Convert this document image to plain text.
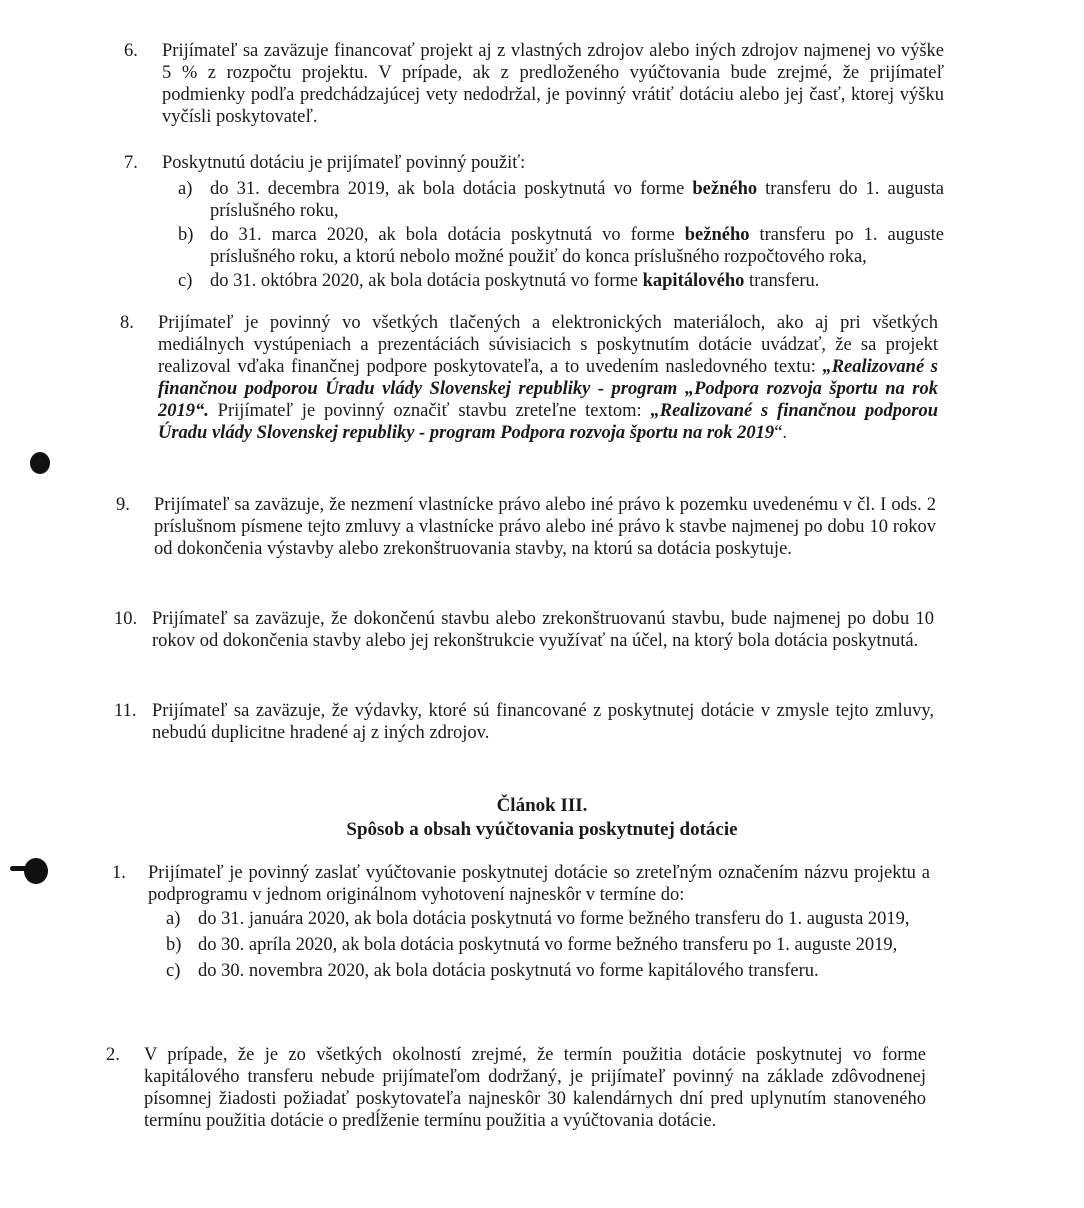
6. Prijímateľ sa zaväzuje financovať projekt aj z vlastných zdrojov alebo iných zdrojov najmenej vo výške 5 % z rozpočtu projektu. V prípade, ak z predloženého vyúčtovania bude zrejmé, že prijímateľ podmienky podľa predchádzajúcej vety nedodržal, je povinný vrátiť dotáciu alebo jej časť, ktorej výšku vyčísli poskytovateľ.
7. Poskytnutú dotáciu je prijímateľ povinný použiť:
a) do 31. decembra 2019, ak bola dotácia poskytnutá vo forme bežného transferu do 1. augusta príslušného roku,
b) do 31. marca 2020, ak bola dotácia poskytnutá vo forme bežného transferu po 1. auguste príslušného roku, a ktorú nebolo možné použiť do konca príslušného rozpočtového roka,
c) do 31. októbra 2020, ak bola dotácia poskytnutá vo forme kapitálového transferu.
8. Prijímateľ je povinný vo všetkých tlačených a elektronických materiáloch, ako aj pri všetkých mediálnych vystúpeniach a prezentáciách súvisiacich s poskytnutím dotácie uvádzať, že sa projekt realizoval vďaka finančnej podpore poskytovateľa, a to uvedením nasledovného textu: „Realizované s finančnou podporou Úradu vlády Slovenskej republiky - program „Podpora rozvoja športu na rok 2019“. Prijímateľ je povinný označiť stavbu zreteľne textom: „Realizované s finančnou podporou Úradu vlády Slovenskej republiky - program Podpora rozvoja športu na rok 2019“.
9. Prijímateľ sa zaväzuje, že nezmení vlastnícke právo alebo iné právo k pozemku uvedenému v čl. I ods. 2 príslušnom písmene tejto zmluvy a vlastnícke právo alebo iné právo k stavbe najmenej po dobu 10 rokov od dokončenia výstavby alebo zrekonštruovania stavby, na ktorú sa dotácia poskytuje.
10. Prijímateľ sa zaväzuje, že dokončenú stavbu alebo zrekonštruovanú stavbu, bude najmenej po dobu 10 rokov od dokončenia stavby alebo jej rekonštrukcie využívať na účel, na ktorý bola dotácia poskytnutá.
11. Prijímateľ sa zaväzuje, že výdavky, ktoré sú financované z poskytnutej dotácie v zmysle tejto zmluvy, nebudú duplicitne hradené aj z iných zdrojov.
Článok III.
Spôsob a obsah vyúčtovania poskytnutej dotácie
1. Prijímateľ je povinný zaslať vyúčtovanie poskytnutej dotácie so zreteľným označením názvu projektu a podprogramu v jednom originálnom vyhotovení najneskôr v termíne do:
a) do 31. januára 2020, ak bola dotácia poskytnutá vo forme bežného transferu do 1. augusta 2019,
b) do 30. apríla 2020, ak bola dotácia poskytnutá vo forme bežného transferu po 1. auguste 2019,
c) do 30. novembra 2020, ak bola dotácia poskytnutá vo forme kapitálového transferu.
2. V prípade, že je zo všetkých okolností zrejmé, že termín použitia dotácie poskytnutej vo forme kapitálového transferu nebude prijímateľom dodržaný, je prijímateľ povinný na základe zdôvodnenej písomnej žiadosti požiadať poskytovateľa najneskôr 30 kalendárnych dní pred uplynutím stanoveného termínu použitia dotácie o predĺženie termínu použitia a vyúčtovania dotácie.
